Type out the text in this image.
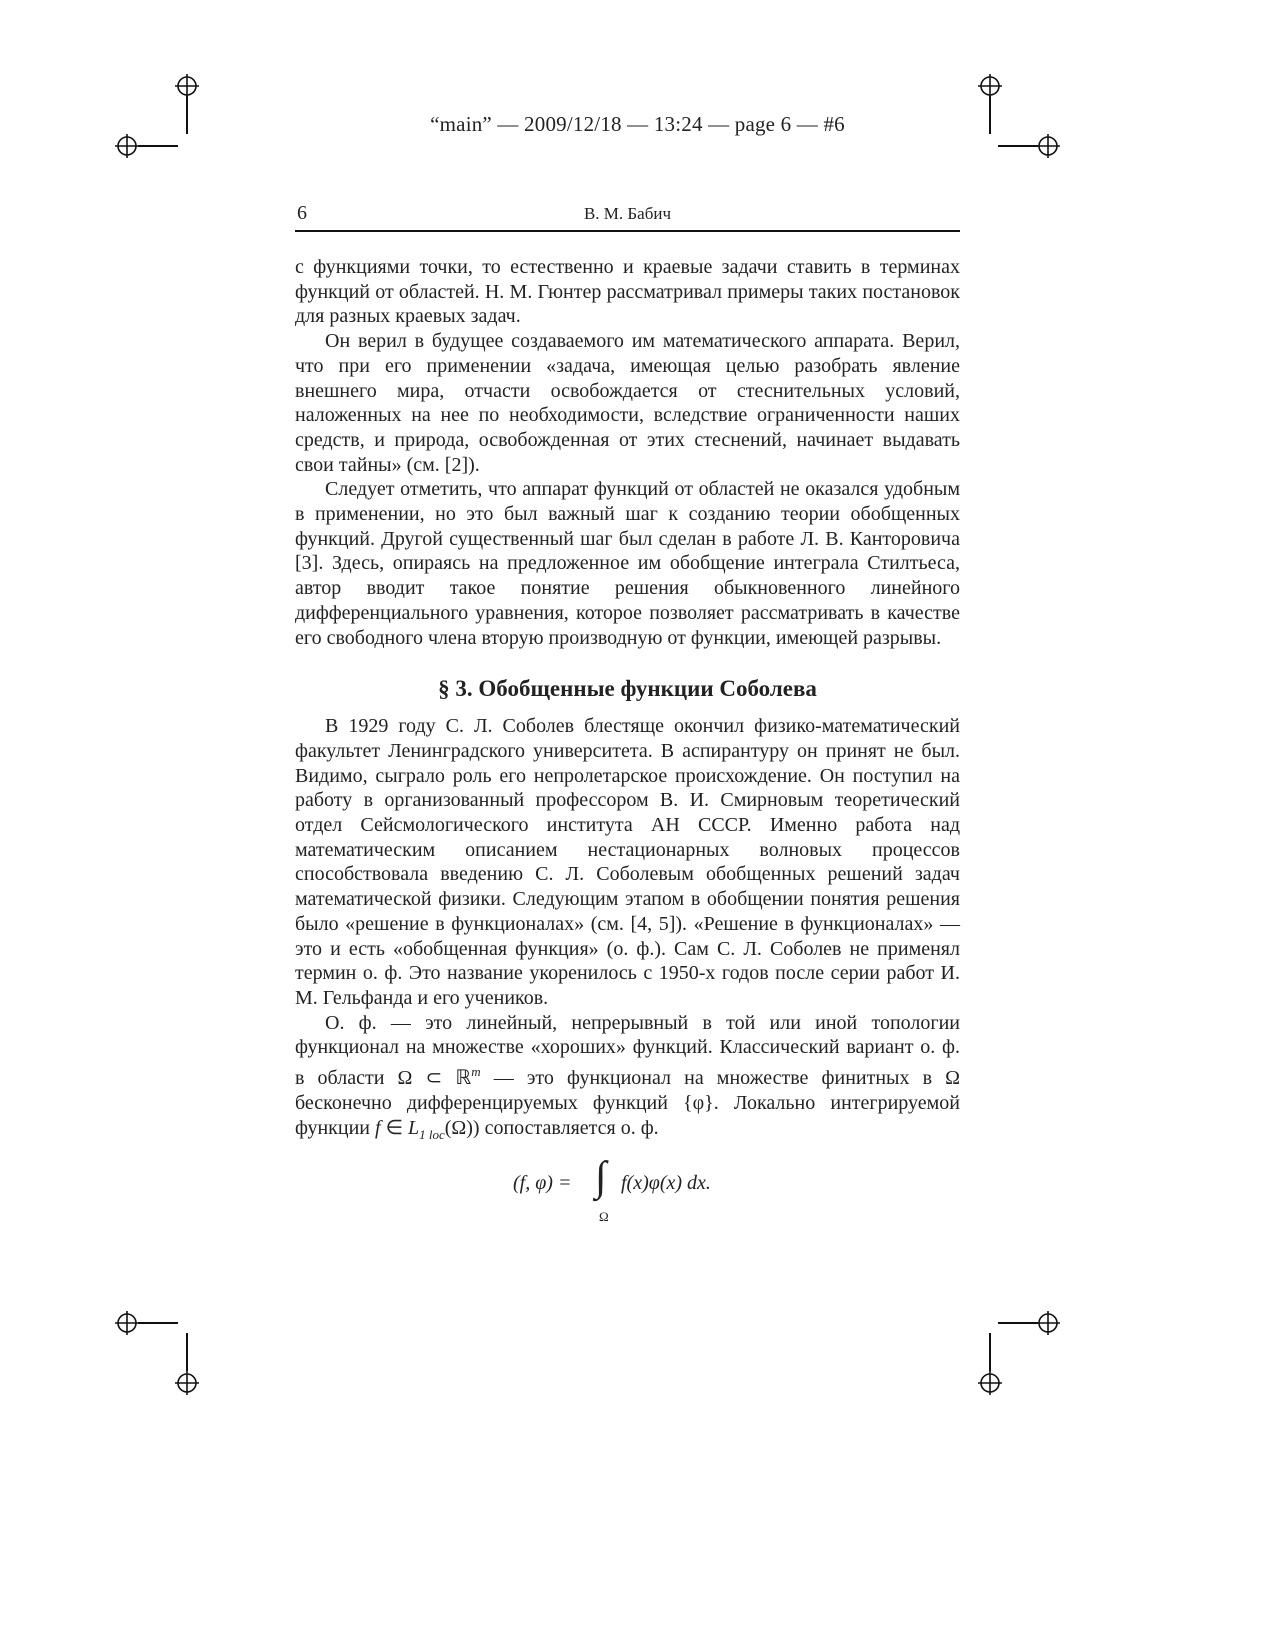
“main” — 2009/12/18 — 13:24 — page 6 — #6
6	В. М. Бабич

с функциями точки, то естественно и краевые задачи ставить в терминах функций от областей. Н. М. Гюнтер рассматривал примеры таких постановок для разных краевых задач.

Он верил в будущее создаваемого им математического аппарата. Верил, что при его применении «задача, имеющая целью разобрать явление внешнего мира, отчасти освобождается от стеснительных условий, наложенных на нее по необходимости, вследствие ограниченности наших средств, и природа, освобожденная от этих стеснений, начинает выдавать свои тайны» (см. [2]).

Следует отметить, что аппарат функций от областей не оказался удобным в применении, но это был важный шаг к созданию теории обобщенных функций. Другой существенный шаг был сделан в работе Л. В. Канторовича [3]. Здесь, опираясь на предложенное им обобщение интеграла Стилтьеса, автор вводит такое понятие решения обыкновенного линейного дифференциального уравнения, которое позволяет рассматривать в качестве его свободного члена вторую производную от функции, имеющей разрывы.

§ 3. Обобщенные функции Соболева

В 1929 году С. Л. Соболев блестяще окончил физико-математический факультет Ленинградского университета. В аспирантуру он принят не был. Видимо, сыграло роль его непролетарское происхождение. Он поступил на работу в организованный профессором В. И. Смирновым теоретический отдел Сейсмологического института АН СССР. Именно работа над математическим описанием нестационарных волновых процессов способствовала введению С. Л. Соболевым обобщенных решений задач математической физики. Следующим этапом в обобщении понятия решения было «решение в функционалах» (см. [4, 5]). «Решение в функционалах» — это и есть «обобщенная функция» (о. ф.). Сам С. Л. Соболев не применял термин о. ф. Это название укоренилось с 1950-х годов после серии работ И. М. Гельфанда и его учеников.

О. ф. — это линейный, непрерывный в той или иной топологии функционал на множестве «хороших» функций. Классический вариант о. ф. в области Ω ⊂ ℝ$^m$ — это функционал на множестве финитных в Ω бесконечно дифференцируемых функций {φ}. Локально интегрируемой функции f ∈ $L_{1 loc}(\Omega)$) сопоставляется о. ф.

(f, φ) = ∫
Ω
f(x)φ(x) dx.
